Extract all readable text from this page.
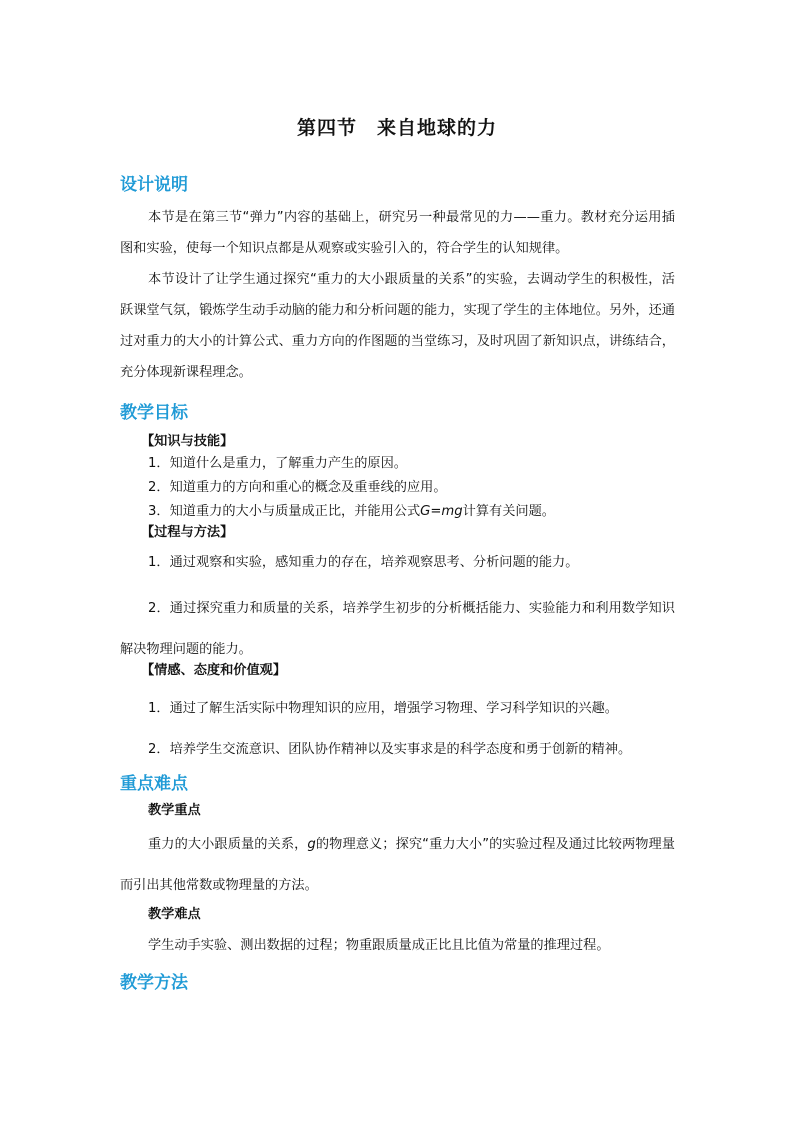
第四节　来自地球的力
设计说明
本节是在第三节“弹力”内容的基础上，研究另一种最常见的力——重力。教材充分运用插图和实验，使每一个知识点都是从观察或实验引入的，符合学生的认知规律。
本节设计了让学生通过探究“重力的大小跟质量的关系”的实验，去调动学生的积极性，活跃课堂气氛，锻炼学生动手动脑的能力和分析问题的能力，实现了学生的主体地位。另外，还通过对重力的大小的计算公式、重力方向的作图题的当堂练习，及时巩固了新知识点，讲练结合，充分体现新课程理念。
教学目标
【知识与技能】
1．知道什么是重力，了解重力产生的原因。
2．知道重力的方向和重心的概念及重垂线的应用。
3．知道重力的大小与质量成正比，并能用公式G=mg计算有关问题。
【过程与方法】
1．通过观察和实验，感知重力的存在，培养观察思考、分析问题的能力。
2．通过探究重力和质量的关系，培养学生初步的分析概括能力、实验能力和利用数学知识解决物理问题的能力。
【情感、态度和价值观】
1．通过了解生活实际中物理知识的应用，增强学习物理、学习科学知识的兴趣。
2．培养学生交流意识、团队协作精神以及实事求是的科学态度和勇于创新的精神。
重点难点
教学重点
重力的大小跟质量的关系，g的物理意义；探究“重力大小”的实验过程及通过比较两物理量而引出其他常数或物理量的方法。
教学难点
学生动手实验、测出数据的过程；物重跟质量成正比且比值为常量的推理过程。
教学方法
